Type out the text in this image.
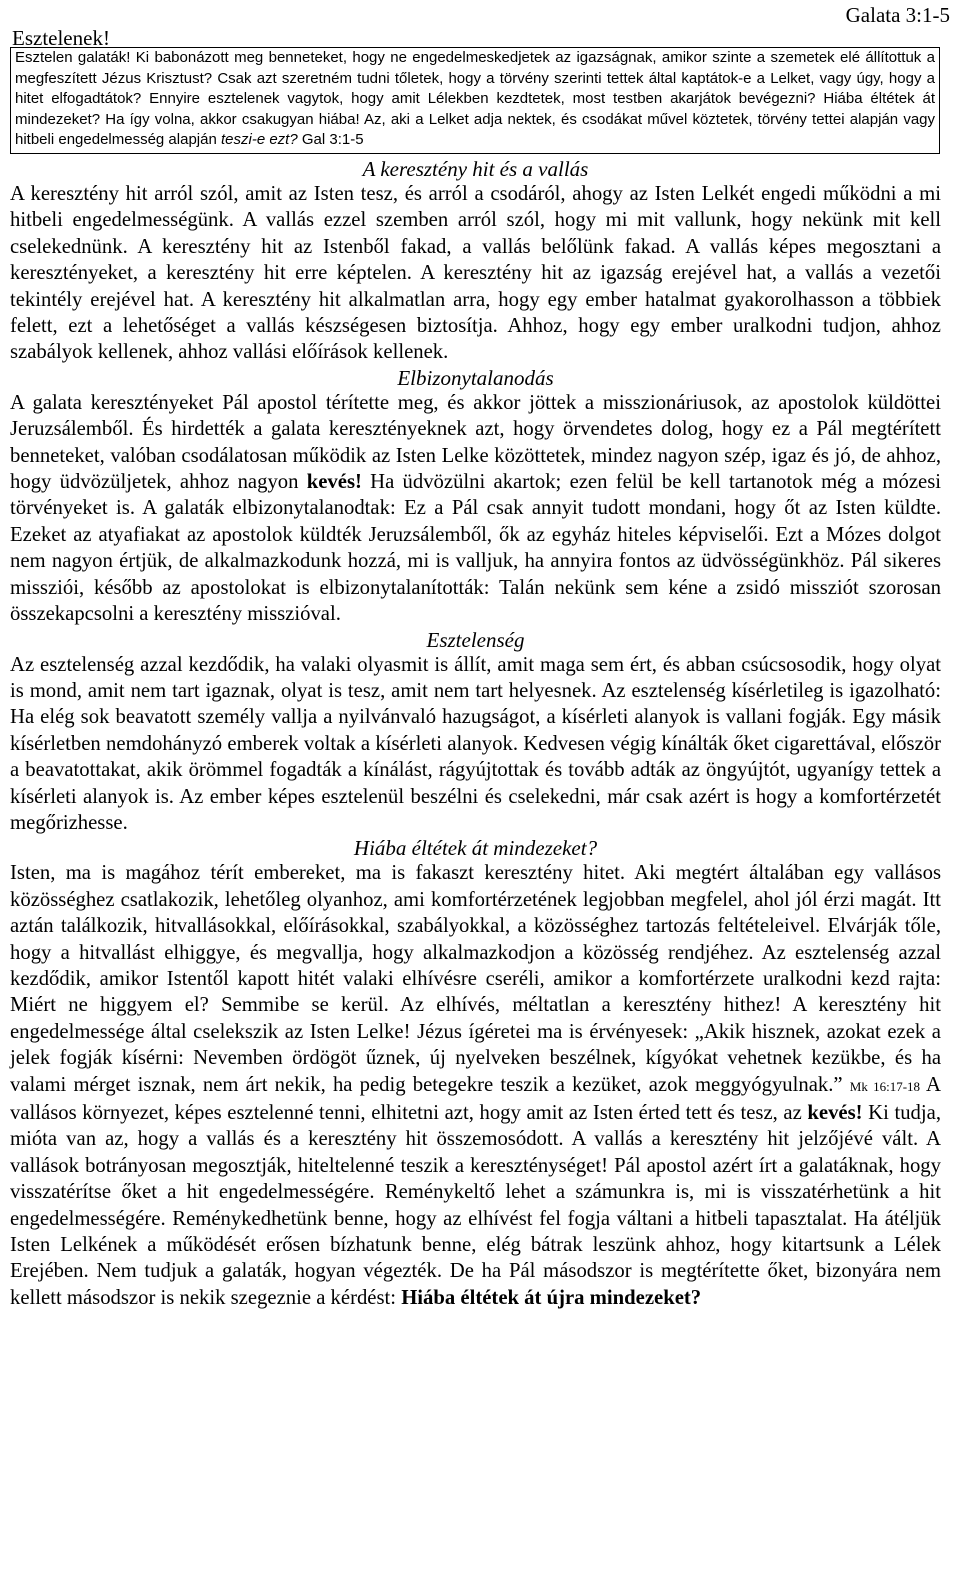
Galata 3:1-5
Esztelenek!
Esztelen galaták! Ki babonázott meg benneteket, hogy ne engedelmeskedjetek az igazságnak, amikor szinte a szemetek elé állítottuk a megfeszített Jézus Krisztust? Csak azt szeretném tudni tőletek, hogy a törvény szerinti tettek által kaptátok-e a Lelket, vagy úgy, hogy a hitet elfogadtátok? Ennyire esztelenek vagytok, hogy amit Lélekben kezdtetek, most testben akarjátok bevégezni? Hiába éltétek át mindezeket? Ha így volna, akkor csakugyan hiába! Az, aki a Lelket adja nektek, és csodákat művel köztetek, törvény tettei alapján vagy hitbeli engedelmesség alapján teszi-e ezt? Gal 3:1-5

A keresztény hit és a vallás

A keresztény hit arról szól, amit az Isten tesz, és arról a csodáról, ahogy az Isten Lelkét engedi működni a mi hitbeli engedelmességünk. A vallás ezzel szemben arról szól, hogy mi mit vallunk, hogy nekünk mit kell cselekednünk. A keresztény hit az Istenből fakad, a vallás belőlünk fakad. A vallás képes megosztani a keresztényeket, a keresztény hit erre képtelen. A keresztény hit az igazság erejével hat, a vallás a vezetői tekintély erejével hat. A keresztény hit alkalmatlan arra, hogy egy ember hatalmat gyakorolhasson a többiek felett, ezt a lehetőséget a vallás készségesen biztosítja. Ahhoz, hogy egy ember uralkodni tudjon, ahhoz szabályok kellenek, ahhoz vallási előírások kellenek.

Elbizonytalanodás

A galata keresztényeket Pál apostol térítette meg, és akkor jöttek a misszionáriusok, az apostolok küldöttei Jeruzsálemből. És hirdették a galata keresztényeknek azt, hogy örvendetes dolog, hogy ez a Pál megtérített benneteket, valóban csodálatosan működik az Isten Lelke közöttetek, mindez nagyon szép, igaz és jó, de ahhoz, hogy üdvözüljetek, ahhoz nagyon kevés! Ha üdvözülni akartok; ezen felül be kell tartanotok még a mózesi törvényeket is. A galaták elbizonytalanodtak: Ez a Pál csak annyit tudott mondani, hogy őt az Isten küldte. Ezeket az atyafiakat az apostolok küldték Jeruzsálemből, ők az egyház hiteles képviselői. Ezt a Mózes dolgot nem nagyon értjük, de alkalmazkodunk hozzá, mi is valljuk, ha annyira fontos az üdvösségünkhöz. Pál sikeres missziói, később az apostolokat is elbizonytalanították: Talán nekünk sem kéne a zsidó missziót szorosan összekapcsolni a keresztény misszióval.

Esztelenség

Az esztelenség azzal kezdődik, ha valaki olyasmit is állít, amit maga sem ért, és abban csúcsosodik, hogy olyat is mond, amit nem tart igaznak, olyat is tesz, amit nem tart helyesnek. Az esztelenség kísérletileg is igazolható: Ha elég sok beavatott személy vallja a nyilvánvaló hazugságot, a kísérleti alanyok is vallani fogják. Egy másik kísérletben nemdohányzó emberek voltak a kísérleti alanyok. Kedvesen végig kínálták őket cigarettával, először a beavatottakat, akik örömmel fogadták a kínálást, rágyújtottak és tovább adták az öngyújtót, ugyanígy tettek a kísérleti alanyok is. Az ember képes esztelenül beszélni és cselekedni, már csak azért is hogy a komfortérzetét megőrizhesse.

Hiába éltétek át mindezeket?

Isten, ma is magához térít embereket, ma is fakaszt keresztény hitet. Aki megtért általában egy vallásos közösséghez csatlakozik, lehetőleg olyanhoz, ami komfortérzetének legjobban megfelel, ahol jól érzi magát. Itt aztán találkozik, hitvallásokkal, előírásokkal, szabályokkal, a közösséghez tartozás feltételeivel. Elvárják tőle, hogy a hitvallást elhiggye, és megvallja, hogy alkalmazkodjon a közösség rendjéhez. Az esztelenség azzal kezdődik, amikor Istentől kapott hitét valaki elhívésre cseréli, amikor a komfortérzete uralkodni kezd rajta: Miért ne higgyem el? Semmibe se kerül. Az elhívés, méltatlan a keresztény hithez! A keresztény hit engedelmessége által cselekszik az Isten Lelke! Jézus ígéretei ma is érvényesek: „Akik hisznek, azokat ezek a jelek fogják kísérni: Nevemben ördögöt űznek, új nyelveken beszélnek, kígyókat vehetnek kezükbe, és ha valami mérget isznak, nem árt nekik, ha pedig betegekre teszik a kezüket, azok meggyógyulnak.” Mk 16:17-18 A vallásos környezet, képes esztelenné tenni, elhitetni azt, hogy amit az Isten érted tett és tesz, az kevés! Ki tudja, mióta van az, hogy a vallás és a keresztény hit összemosódott. A vallás a keresztény hit jelzőjévé vált. A vallások botrányosan megosztják, hiteltelenné teszik a kereszténységet! Pál apostol azért írt a galatáknak, hogy visszatérítse őket a hit engedelmességére. Reménykeltő lehet a számunkra is, mi is visszatérhetünk a hit engedelmességére. Reménykedhetünk benne, hogy az elhívést fel fogja váltani a hitbeli tapasztalat. Ha átéljük Isten Lelkének a működését erősen bízhatunk benne, elég bátrak leszünk ahhoz, hogy kitartsunk a Lélek Erejében. Nem tudjuk a galaták, hogyan végezték. De ha Pál másodszor is megtérítette őket, bizonyára nem kellett másodszor is nekik szegeznie a kérdést: Hiába éltétek át újra mindezeket?
